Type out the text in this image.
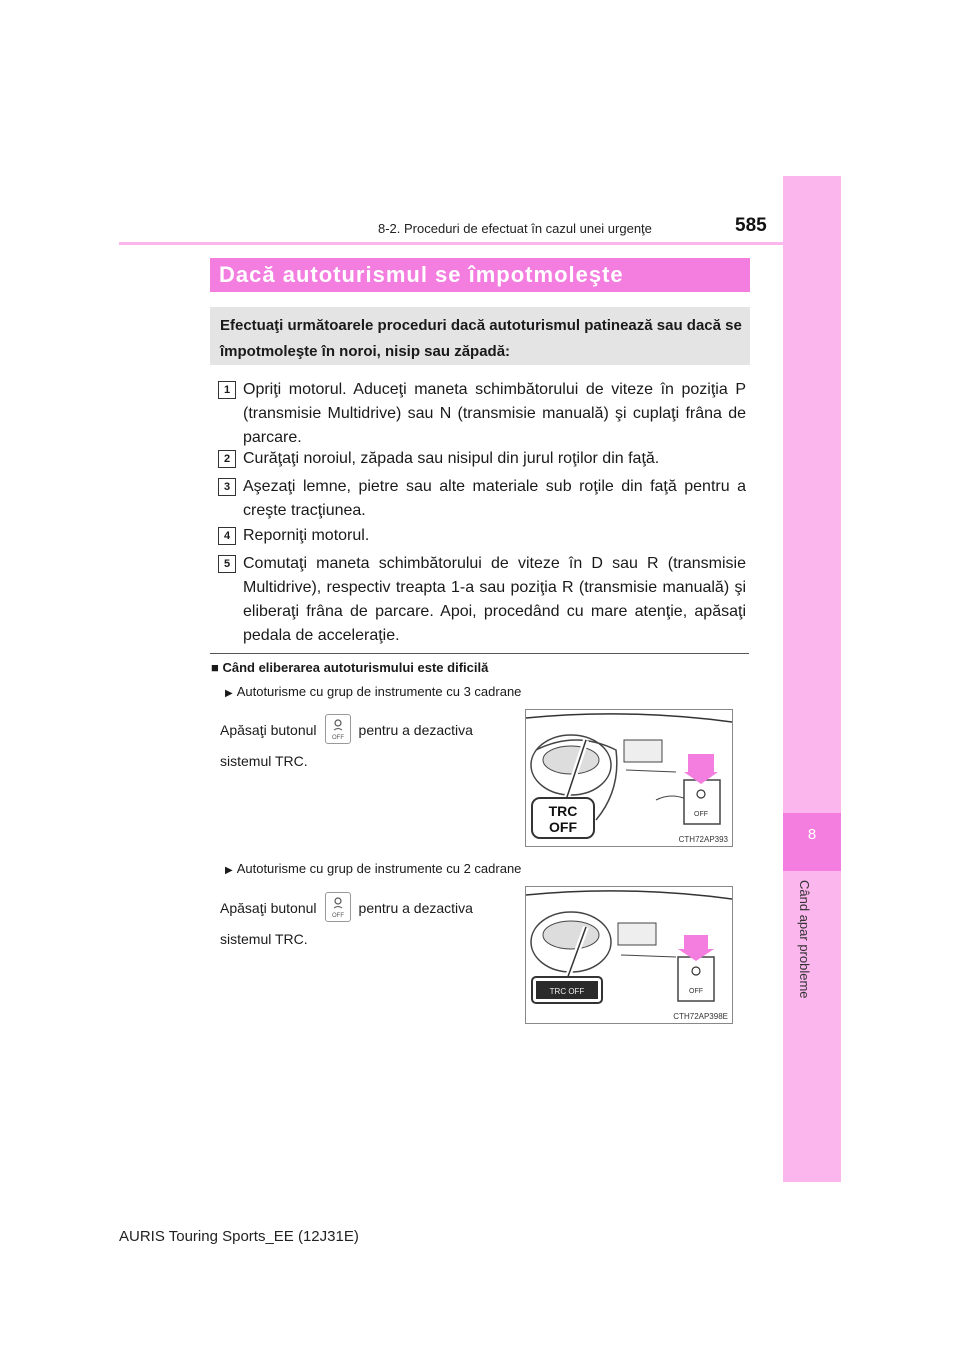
8
Când apar probleme
8-2. Proceduri de efectuat în cazul unei urgenţe	585
Dacă autoturismul se împotmoleşte
Efectuaţi următoarele proceduri dacă autoturismul patinează sau dacă se împotmoleşte în noroi, nisip sau zăpadă:
1 Opriţi motorul. Aduceţi maneta schimbătorului de viteze în poziţia P (transmisie Multidrive) sau N (transmisie manuală) şi cuplaţi frâna de parcare.
2 Curăţaţi noroiul, zăpada sau nisipul din jurul roţilor din faţă.
3 Aşezaţi lemne, pietre sau alte materiale sub roţile din faţă pentru a creşte tracţiunea.
4 Reporniţi motorul.
5 Comutaţi maneta schimbătorului de viteze în D sau R (transmisie Multidrive), respectiv treapta 1-a sau poziţia R (transmisie manuală) şi eliberaţi frâna de parcare. Apoi, procedând cu mare atenţie, apăsaţi pedala de acceleraţie.
■ Când eliberarea autoturismului este dificilă
▶ Autoturisme cu grup de instrumente cu 3 cadrane
Apăsaţi butonul
OFF
pentru a dezactiva sistemul TRC.
OFF
TRC
OFF
CTH72AP393
▶ Autoturisme cu grup de instrumente cu 2 cadrane
Apăsaţi butonul
OFF
pentru a dezactiva sistemul TRC.
OFF
TRC OFF
CTH72AP398E
AURIS Touring Sports_EE (12J31E)
